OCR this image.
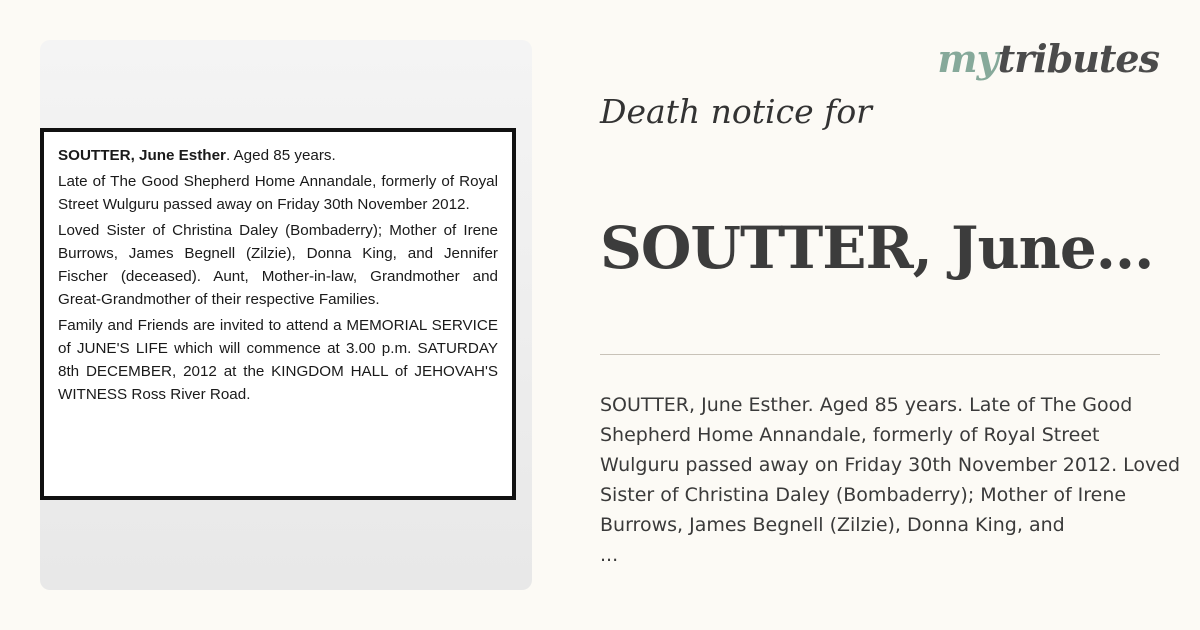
SOUTTER, June Esther. Aged 85 years.

Late of The Good Shepherd Home Annandale, formerly of Royal Street Wulguru passed away on Friday 30th November 2012.

Loved Sister of Christina Daley (Bombaderry); Mother of Irene Burrows, James Begnell (Zilzie), Donna King, and Jennifer Fischer (deceased). Aunt, Mother-in-law, Grandmother and Great-Grandmother of their respective Families.

Family and Friends are invited to attend a MEMORIAL SERVICE of JUNE'S LIFE which will commence at 3.00 p.m. SATURDAY 8th DECEMBER, 2012 at the KINGDOM HALL of JEHOVAH'S WITNESS Ross River Road.

mytributes
Death notice for
SOUTTER, June...
SOUTTER, June Esther. Aged 85 years. Late of The Good
Shepherd Home Annandale, formerly of Royal Street
Wulguru passed away on Friday 30th November 2012. Loved
Sister of Christina Daley (Bombaderry); Mother of Irene
Burrows, James Begnell (Zilzie), Donna King, and
...
